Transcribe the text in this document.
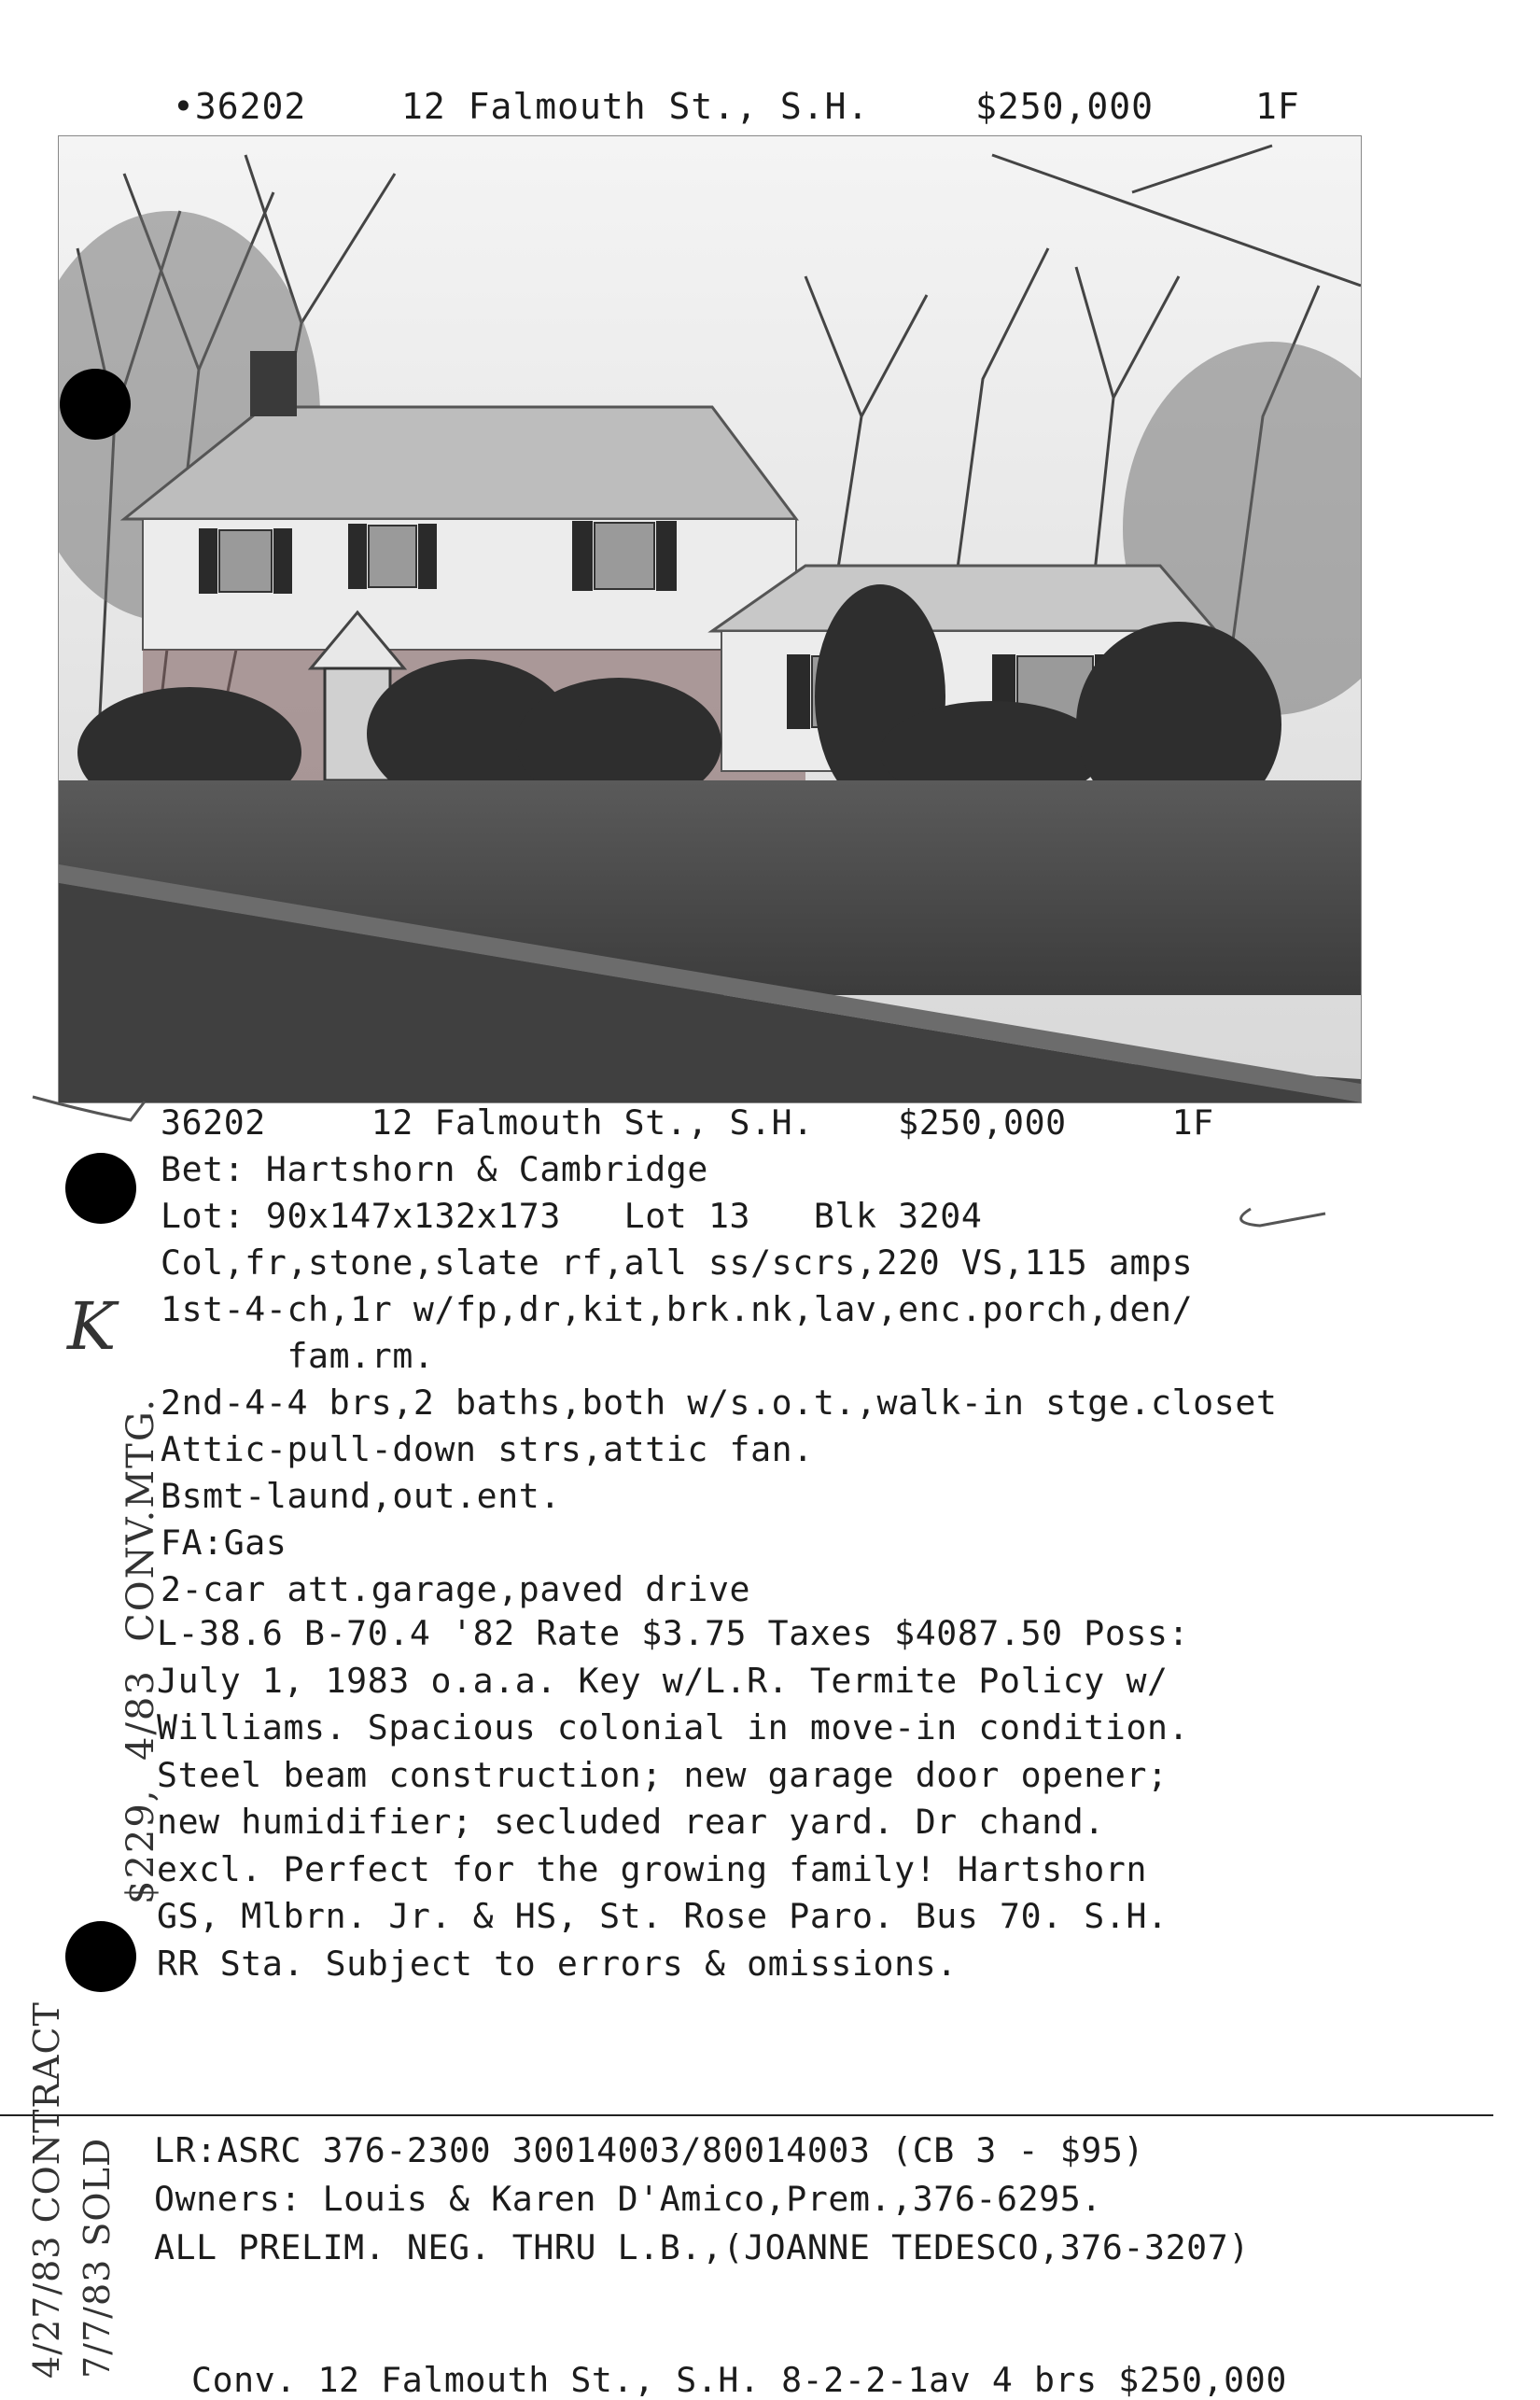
•36202

	12 Falmouth St., S.H.

	$250,000

	1F

36202     12 Falmouth St., S.H.    $250,000     1F
Bet: Hartshorn & Cambridge
Lot: 90x147x132x173   Lot 13   Blk 3204
Col,fr,stone,slate rf,all ss/scrs,220 VS,115 amps
1st-4-ch,1r w/fp,dr,kit,brk.nk,lav,enc.porch,den/
fam.rm.
2nd-4-4 brs,2 baths,both w/s.o.t.,walk-in stge.closet
Attic-pull-down strs,attic fan.
Bsmt-laund,out.ent.
FA:Gas
2-car att.garage,paved drive
L-38.6 B-70.4 '82 Rate $3.75 Taxes $4087.50 Poss:
July 1, 1983 o.a.a. Key w/L.R. Termite Policy w/
Williams. Spacious colonial in move-in condition.
Steel beam construction; new garage door opener;
new humidifier; secluded rear yard. Dr chand.
excl. Perfect for the growing family! Hartshorn
GS, Mlbrn. Jr. & HS, St. Rose Paro. Bus 70. S.H.
RR Sta. Subject to errors & omissions.
LR:ASRC 376-2300 30014003/80014003 (CB 3 - $95)
Owners: Louis & Karen D'Amico,Prem.,376-6295.
ALL PRELIM. NEG. THRU L.B.,(JOANNE TEDESCO,376-3207)
Conv. 12 Falmouth St., S.H. 8-2-2-1av 4 brs $250,000
$229,  4/83  CONV.MTG.
4/27/83 CONTRACT 7/7/83 SOLD
K
